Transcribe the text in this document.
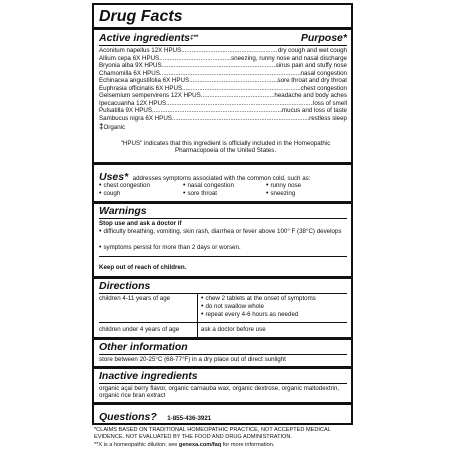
Drug Facts
Active ingredients‡**	Purpose*
Aconitum napellus 12X HPUS .....	dry cough and wet cough
Allium cepa 6X HPUS .....	sneezing, runny nose and nasal discharge
Bryonia alba 9X HPUS .....	sinus pain and stuffy nose
Chamomilla 6X HPUS .....	nasal congestion
Echinacea angustifolia 6X HPUS .....	sore throat and dry throat
Euphrasia officinalis 6X HPUS .....	chest congestion
Gelsemium sempervirens 12X HPUS .....	headache and body aches
Ipecacuanha 12X HPUS .....	loss of smell
Pulsatilla 9X HPUS .....	mucus and loss of taste
Sambucus nigra 6X HPUS .....	restless sleep
‡Organic
"HPUS" indicates that this ingredient is officially included in the Homeopathic Pharmacopoeia of the United States.
Uses* addresses symptoms associated with the common cold, such as:
• chest congestion	• nasal congestion	• runny nose
• cough	• sore throat	• sneezing
Warnings
Stop use and ask a doctor if
• difficulty breathing, vomiting, skin rash, diarrhea or fever above 100° F (38°C) develops
• symptoms persist for more than 2 days or worsen.
Keep out of reach of children.
Directions
children 4-11 years of age	• chew 2 tablets at the onset of symptoms
• do not swallow whole
• repeat every 4-6 hours as needed
children under 4 years of age	ask a doctor before use
Other information
store between 20-25°C (68-77°F) in a dry place out of direct sunlight
Inactive ingredients
organic açaí berry flavor, organic carnauba wax, organic dextrose, organic maltodextrin, organic rice bran extract
Questions? 1-855-436-3921
*CLAIMS BASED ON TRADITIONAL HOMEOPATHIC PRACTICE, NOT ACCEPTED MEDICAL EVIDENCE. NOT EVALUATED BY THE FOOD AND DRUG ADMINISTRATION.
**X is a homeopathic dilution; see genexa.com/faq for more information.
